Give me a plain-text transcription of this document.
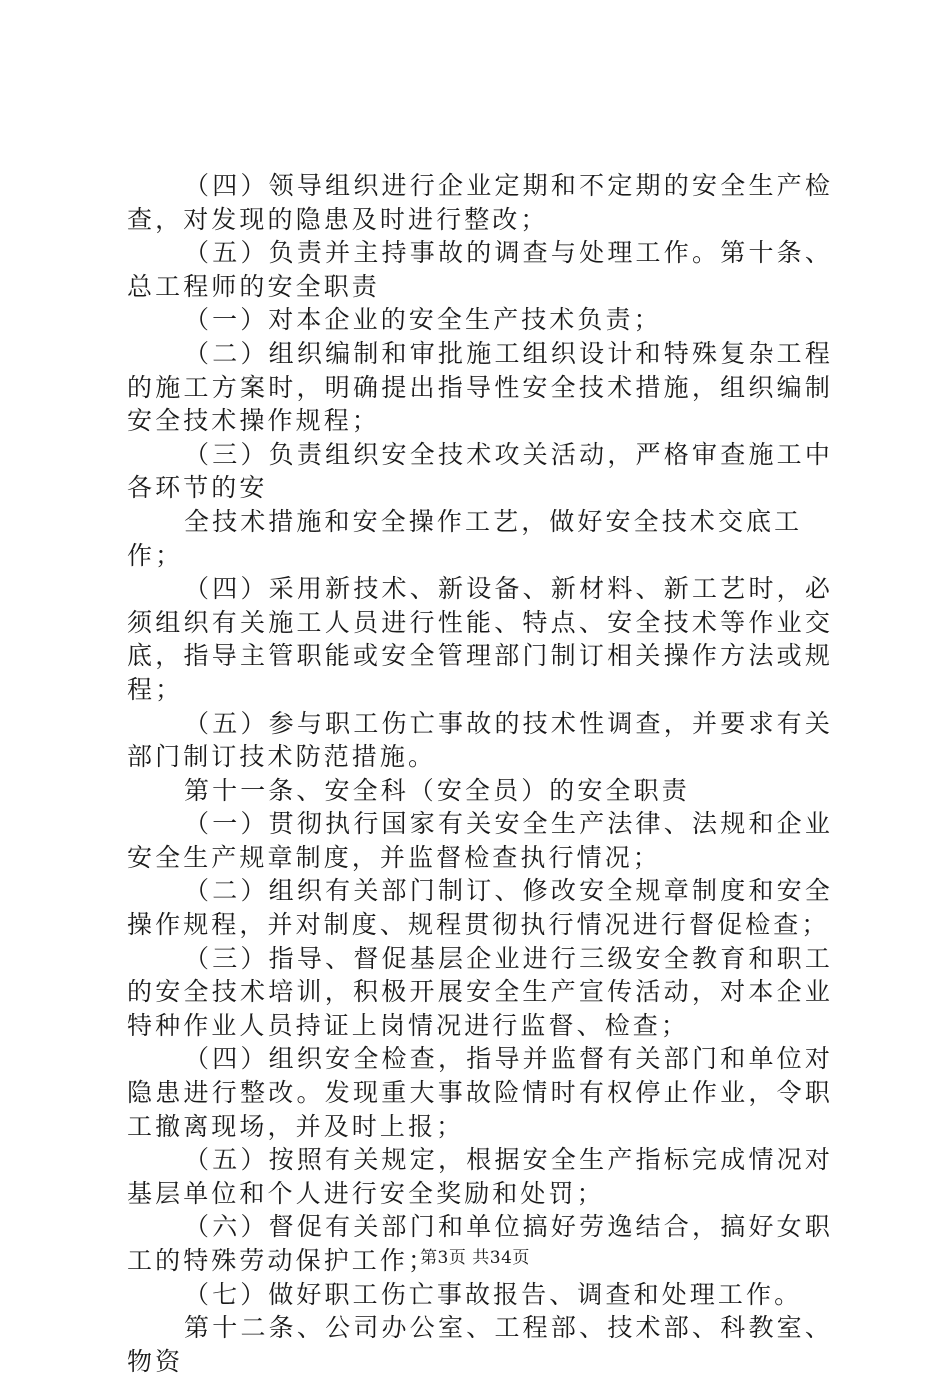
（四）领导组织进行企业定期和不定期的安全生产检查，对发现的隐患及时进行整改；

（五）负责并主持事故的调查与处理工作。第十条、总工程师的安全职责

（一）对本企业的安全生产技术负责；

（二）组织编制和审批施工组织设计和特殊复杂工程的施工方案时，明确提出指导性安全技术措施，组织编制安全技术操作规程；

（三）负责组织安全技术攻关活动，严格审查施工中各环节的安

全技术措施和安全操作工艺，做好安全技术交底工作；

（四）采用新技术、新设备、新材料、新工艺时，必须组织有关施工人员进行性能、特点、安全技术等作业交底，指导主管职能或安全管理部门制订相关操作方法或规程；

（五）参与职工伤亡事故的技术性调查，并要求有关部门制订技术防范措施。

第十一条、安全科（安全员）的安全职责

（一）贯彻执行国家有关安全生产法律、法规和企业安全生产规章制度，并监督检查执行情况；

（二）组织有关部门制订、修改安全规章制度和安全操作规程，并对制度、规程贯彻执行情况进行督促检查；

（三）指导、督促基层企业进行三级安全教育和职工的安全技术培训，积极开展安全生产宣传活动，对本企业特种作业人员持证上岗情况进行监督、检查；

（四）组织安全检查，指导并监督有关部门和单位对隐患进行整改。发现重大事故险情时有权停止作业，令职工撤离现场，并及时上报；

（五）按照有关规定，根据安全生产指标完成情况对基层单位和个人进行安全奖励和处罚；

（六）督促有关部门和单位搞好劳逸结合，搞好女职工的特殊劳动保护工作；

（七）做好职工伤亡事故报告、调查和处理工作。

第十二条、公司办公室、工程部、技术部、科教室、物资

第3页 共34页
